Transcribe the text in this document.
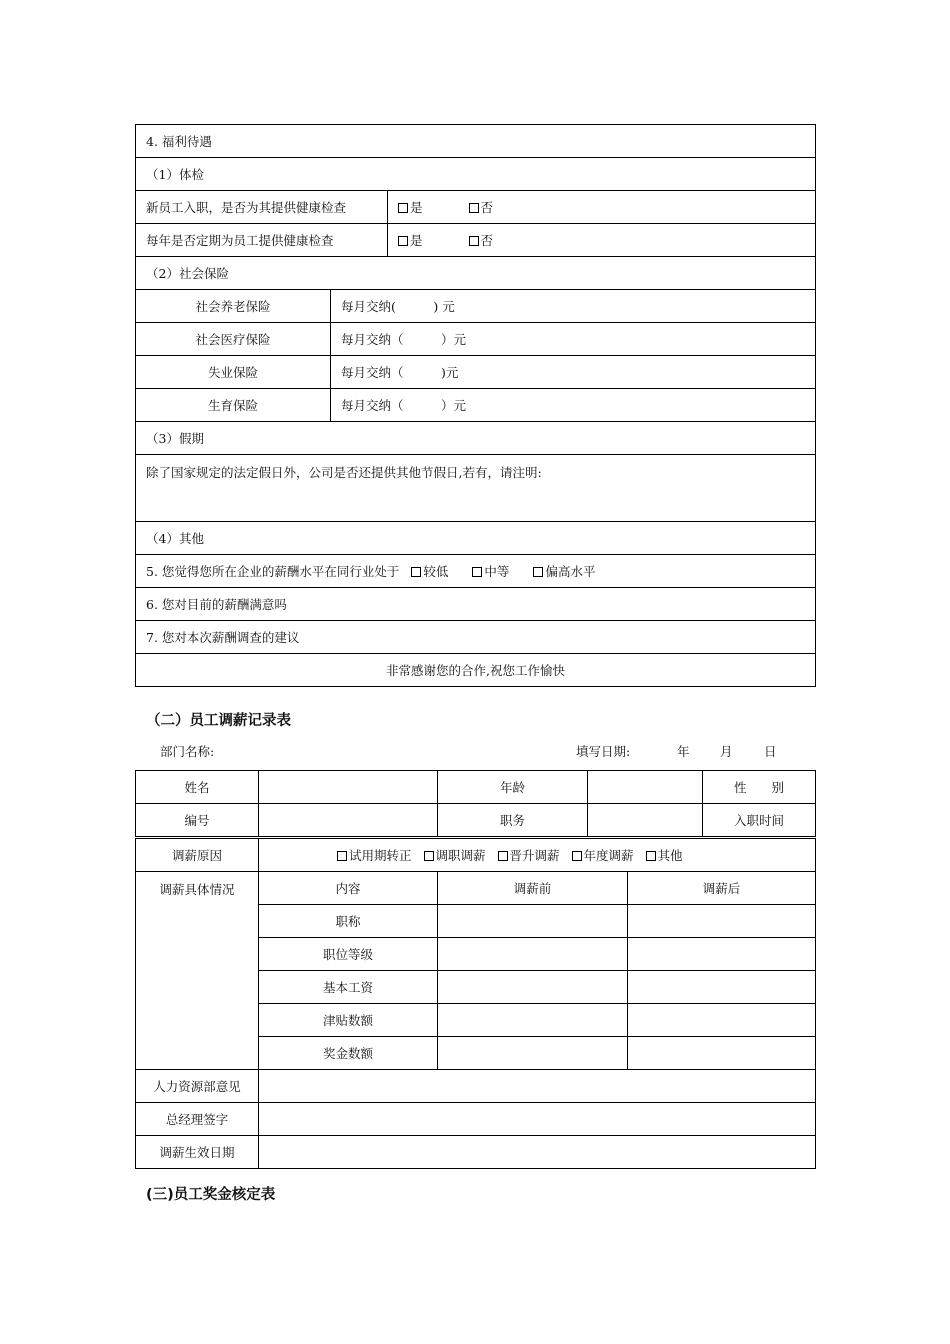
4. 福利待遇		
（1）体检		
新员工入职，是否为其提供健康检查		是 否
每年是否定期为员工提供健康检查		是 否
（2）社会保险		
社会养老保险	每月交纳(　　　) 元	
社会医疗保险	每月交纳（　　　）元	
失业保险	每月交纳（　　　)元	
生育保险	每月交纳（　　　）元	
（3）假期		
除了国家规定的法定假日外，公司是否还提供其他节假日,若有，请注明:		
（4）其他		
5. 您觉得您所在企业的薪酬水平在同行业处于 较低 中等 偏高水平		
6. 您对目前的薪酬满意吗		
7. 您对本次薪酬调查的建议		
非常感谢您的合作,祝您工作愉快		
（二）员工调薪记录表
部门名称:	填写日期:	年 月	日
姓名		年龄		性　　别	
编号		职务		入职时间	
调薪原因	试用期转正 调职调薪 晋升调薪 年度调薪 其他		
调薪具体情况	内容	调薪前	调薪后
	职称		
	职位等级		
	基本工资		
	津贴数额		
	奖金数额		
人力资源部意见			
总经理签字			
调薪生效日期			
(三)员工奖金核定表
